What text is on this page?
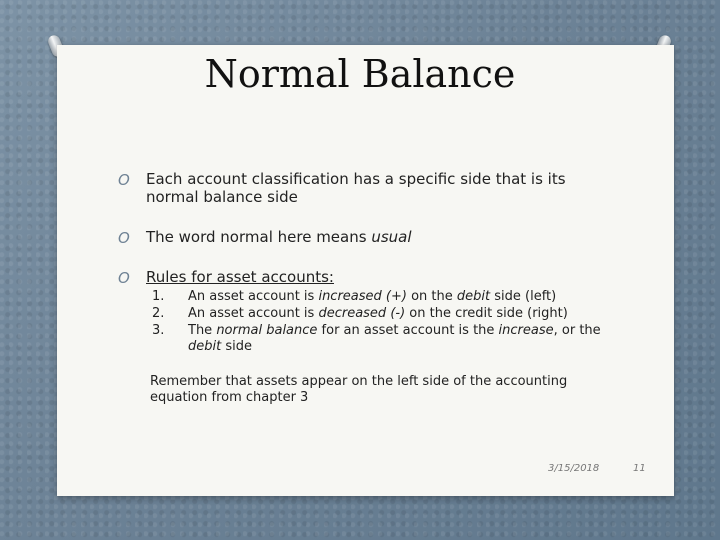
Normal Balance
O Each account classification has a specific side that is its
normal balance side
O The word normal here means usual
O Rules for asset accounts:
1. An asset account is increased (+) on the debit side (left)
2. An asset account is decreased (-) on the credit side (right)
3. The normal balance for an asset account is the increase, or the
debit side
Remember that assets appear on the left side of the accounting
equation from chapter 3
3/15/2018	11
